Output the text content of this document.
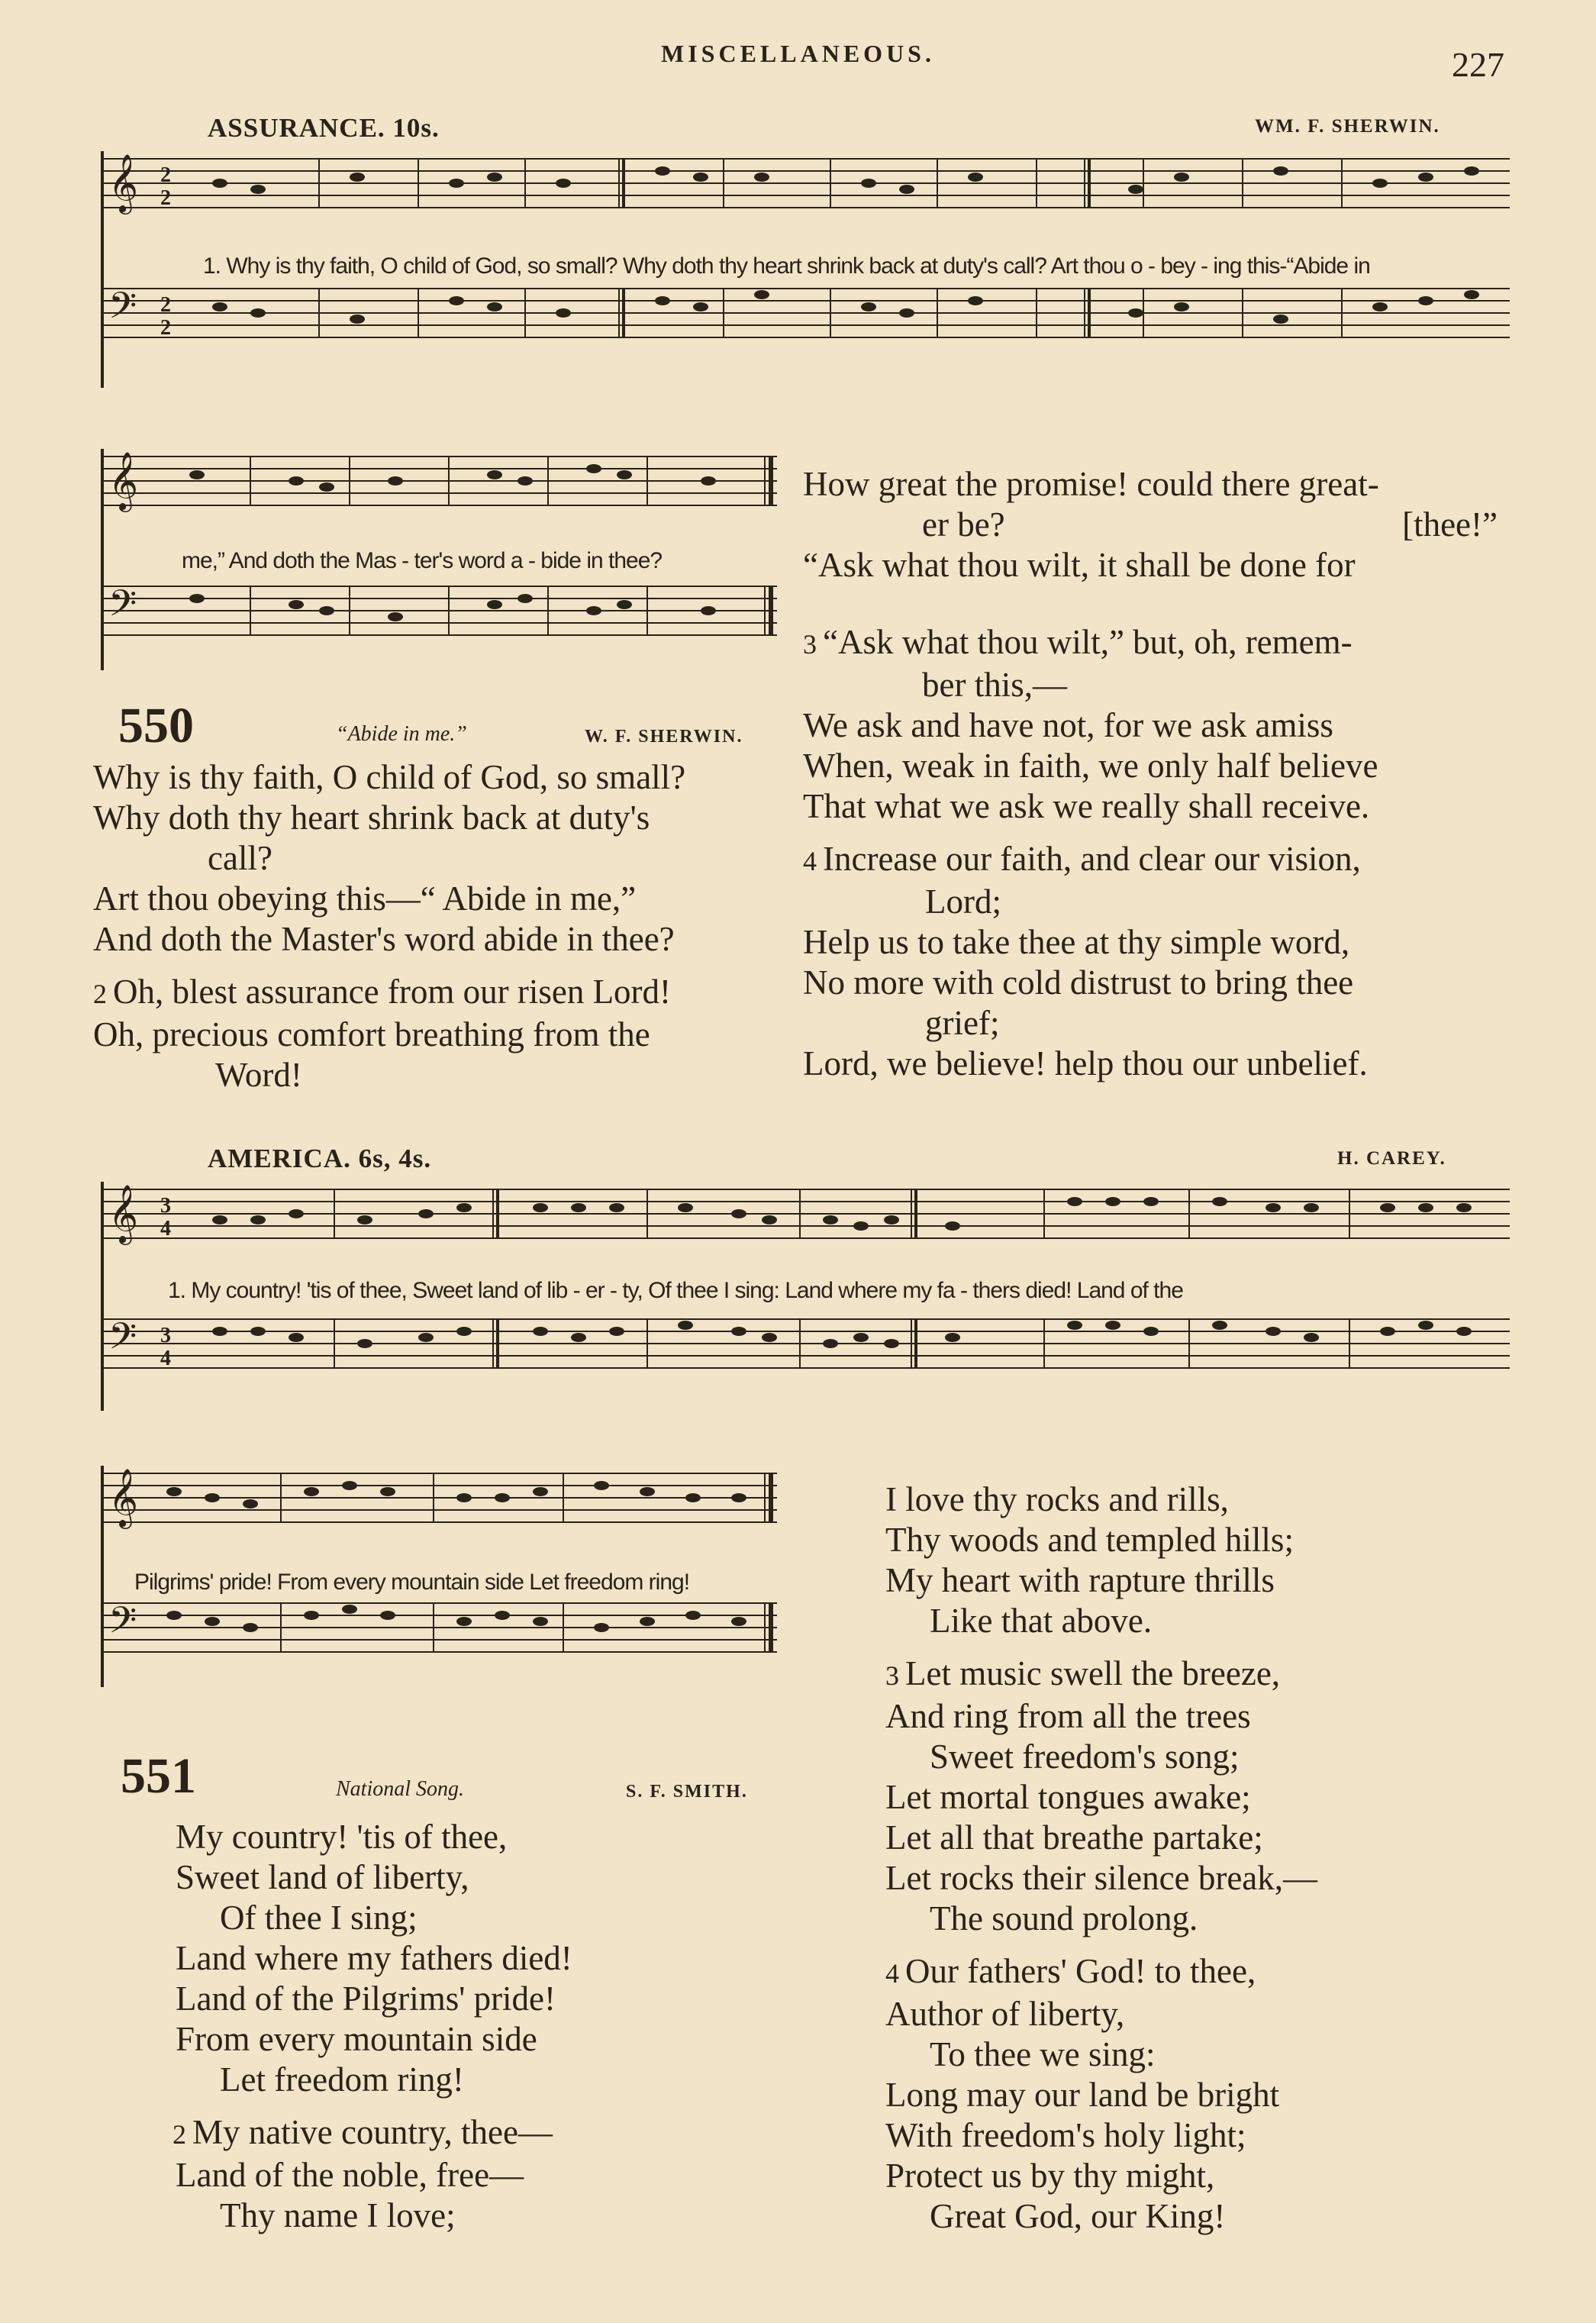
MISCELLANEOUS.	227
ASSURANCE. 10s.	WM. F. SHERWIN.
𝄞
𝄢
2
2
2
2
1. Why is thy faith, O child of God, so small? Why doth thy heart shrink back at duty's call? Art thou o - bey - ing this-“Abide in
𝄞
𝄢
me,” And doth the Mas - ter's word a - bide in thee?
550	“Abide in me.”	W. F. SHERWIN.
Why is thy faith, O child of God, so small?
Why doth thy heart shrink back at duty's
call?
Art thou obeying this—“ Abide in me,”
And doth the Master's word abide in thee?
2 Oh, blest assurance from our risen Lord!
Oh, precious comfort breathing from the
Word!
How great the promise! could there great-
er be?	[thee!”
“Ask what thou wilt, it shall be done for
3 “Ask what thou wilt,” but, oh, remem-
ber this,—
We ask and have not, for we ask amiss
When, weak in faith, we only half believe
That what we ask we really shall receive.
4 Increase our faith, and clear our vision,
Lord;
Help us to take thee at thy simple word,
No more with cold distrust to bring thee
grief;
Lord, we believe! help thou our unbelief.
AMERICA. 6s, 4s.	H. CAREY.
𝄞
𝄢
3
4
3
4
1. My country! 'tis of thee, Sweet land of lib - er - ty, Of thee I sing: Land where my fa - thers died! Land of the
𝄞
𝄢
Pilgrims' pride! From every mountain side Let freedom ring!
551	National Song.	S. F. SMITH.
My country! 'tis of thee,
Sweet land of liberty,
Of thee I sing;
Land where my fathers died!
Land of the Pilgrims' pride!
From every mountain side
Let freedom ring!
2 My native country, thee—
Land of the noble, free—
Thy name I love;
I love thy rocks and rills,
Thy woods and templed hills;
My heart with rapture thrills
Like that above.
3 Let music swell the breeze,
And ring from all the trees
Sweet freedom's song;
Let mortal tongues awake;
Let all that breathe partake;
Let rocks their silence break,—
The sound prolong.
4 Our fathers' God! to thee,
Author of liberty,
To thee we sing:
Long may our land be bright
With freedom's holy light;
Protect us by thy might,
Great God, our King!
